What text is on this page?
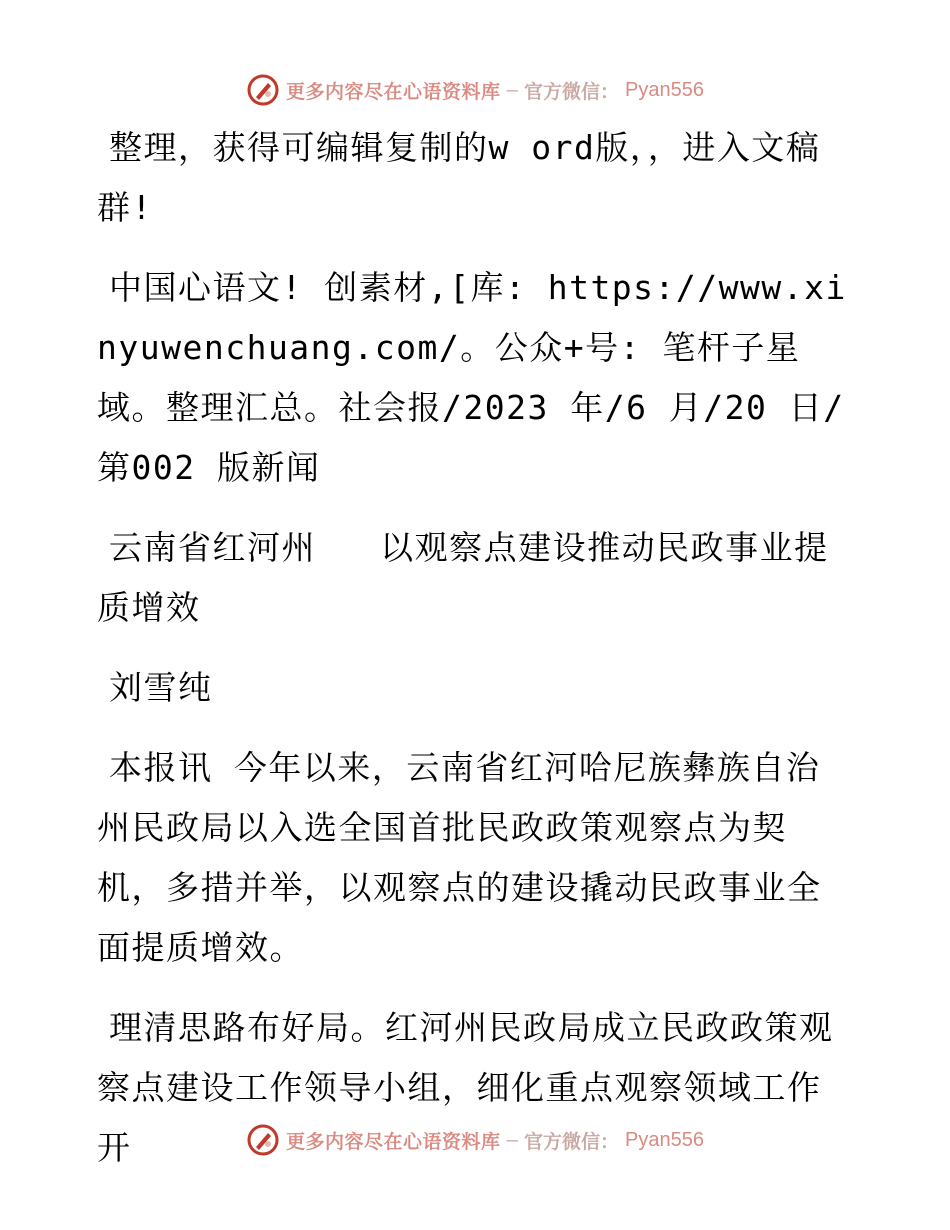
更多内容尽在心语资料库 — 官方微信： Pyan556

整理，获得可编辑复制的w ord版，，进入文稿群!

中国心语文! 创素材,[库: https://www.xinyuwenchuang.com/。公众+号: 笔杆子星域。整理汇总。社会报/2023 年/6 月/20 日/第002 版新闻

云南省红河州   以观察点建设推动民政事业提质增效

刘雪纯

本报讯 今年以来，云南省红河哈尼族彝族自治州民政局以入选全国首批民政政策观察点为契机，多措并举，以观察点的建设撬动民政事业全面提质增效。

理清思路布好局。红河州民政局成立民政政策观察点建设工作领导小组，细化重点观察领域工作开	更多内容尽在心语资料库 — 官方微信： Pyan556
